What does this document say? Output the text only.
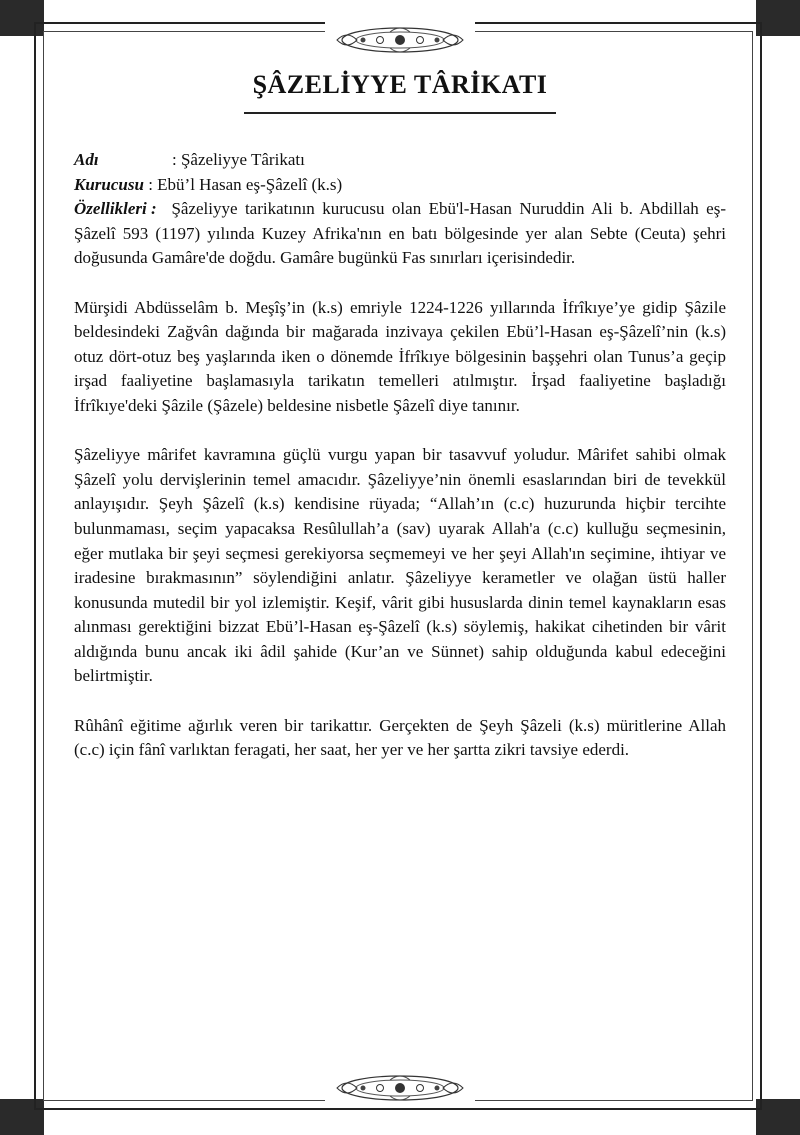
ŞÂZELİYYE TÂRİKATI

Adı	: Şâzeliyye Târikatı

Kurucusu : Ebü’l Hasan eş-Şâzelî (k.s)

Özellikleri : Şâzeliyye tarikatının kurucusu olan Ebü'l-Hasan Nuruddin Ali b. Abdillah eş-Şâzelî 593 (1197) yılında Kuzey Afrika'nın en batı bölgesinde yer alan Sebte (Ceuta) şehri doğusunda Gamâre'de doğdu. Gamâre bugünkü Fas sınırları içerisindedir.

Mürşidi Abdüsselâm b. Meşîş’in (k.s) emriyle 1224-1226 yıllarında İfrîkıye’ye gidip Şâzile beldesindeki Zağvân dağında bir mağarada inzivaya çekilen Ebü’l-Hasan eş-Şâzelî’nin (k.s) otuz dört-otuz beş yaşlarında iken o dönemde İfrîkıye bölgesinin başşehri olan Tunus’a geçip irşad faaliyetine başlamasıyla tarikatın temelleri atılmıştır. İrşad faaliyetine başladığı İfrîkıye'deki Şâzile (Şâzele) beldesine nisbetle Şâzelî diye tanınır.

Şâzeliyye mârifet kavramına güçlü vurgu yapan bir tasavvuf yoludur. Mârifet sahibi olmak Şâzelî yolu dervişlerinin temel amacıdır. Şâzeliyye’nin önemli esaslarından biri de tevekkül anlayışıdır. Şeyh Şâzelî (k.s) kendisine rüyada; “Allah’ın (c.c) huzurunda hiçbir tercihte bulunmaması, seçim yapacaksa Resûlullah’a (sav) uyarak Allah'a (c.c) kulluğu seçmesinin, eğer mutlaka bir şeyi seçmesi gerekiyorsa seçmemeyi ve her şeyi Allah'ın seçimine, ihtiyar ve iradesine bırakmasının” söylendiğini anlatır. Şâzeliyye kerametler ve olağan üstü haller konusunda mutedil bir yol izlemiştir. Keşif, vârit gibi hususlarda dinin temel kaynakların esas alınması gerektiğini bizzat Ebü’l-Hasan eş-Şâzelî (k.s) söylemiş, hakikat cihetinden bir vârit aldığında bunu ancak iki âdil şahide (Kur’an ve Sünnet) sahip olduğunda kabul edeceğini belirtmiştir.

Rûhânî eğitime ağırlık veren bir tarikattır. Gerçekten de Şeyh Şâzeli (k.s) müritlerine Allah (c.c) için fânî varlıktan feragati, her saat, her yer ve her şartta zikri tavsiye ederdi.
